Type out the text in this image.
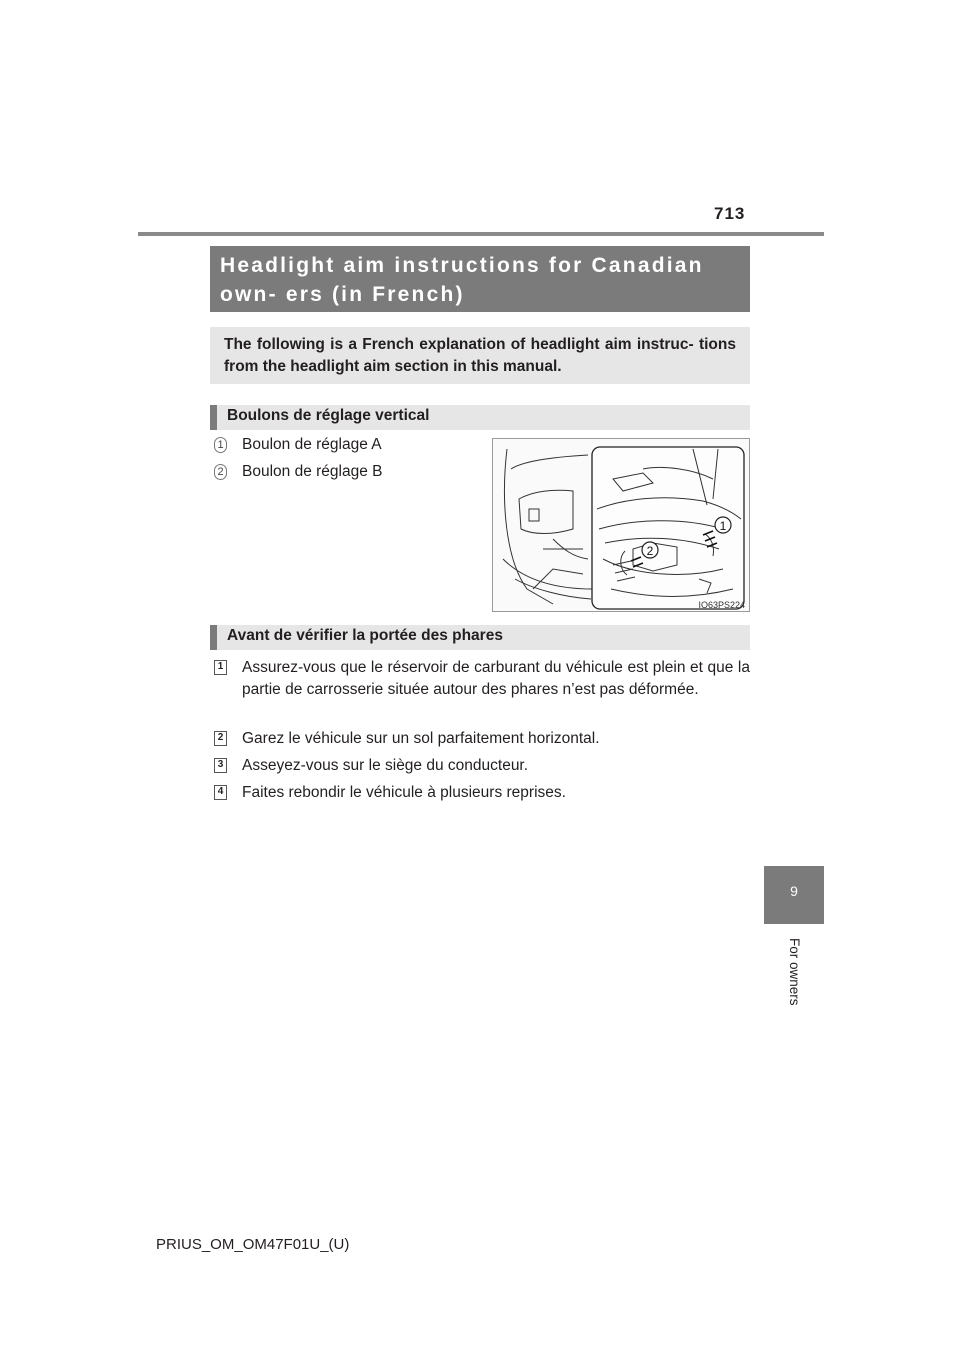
713
Headlight aim instructions for Canadian own- ers (in French)
The following is a French explanation of headlight aim instruc- tions from the headlight aim section in this manual.
Boulons de réglage vertical
1 Boulon de réglage A
2 Boulon de réglage B
1
2
IO63PS224
Avant de vérifier la portée des phares
1 Assurez-vous que le réservoir de carburant du véhicule est plein et que la partie de carrosserie située autour des phares n’est pas déformée.
2 Garez le véhicule sur un sol parfaitement horizontal.
3 Asseyez-vous sur le siège du conducteur.
4 Faites rebondir le véhicule à plusieurs reprises.
9
For owners
PRIUS_OM_OM47F01U_(U)
